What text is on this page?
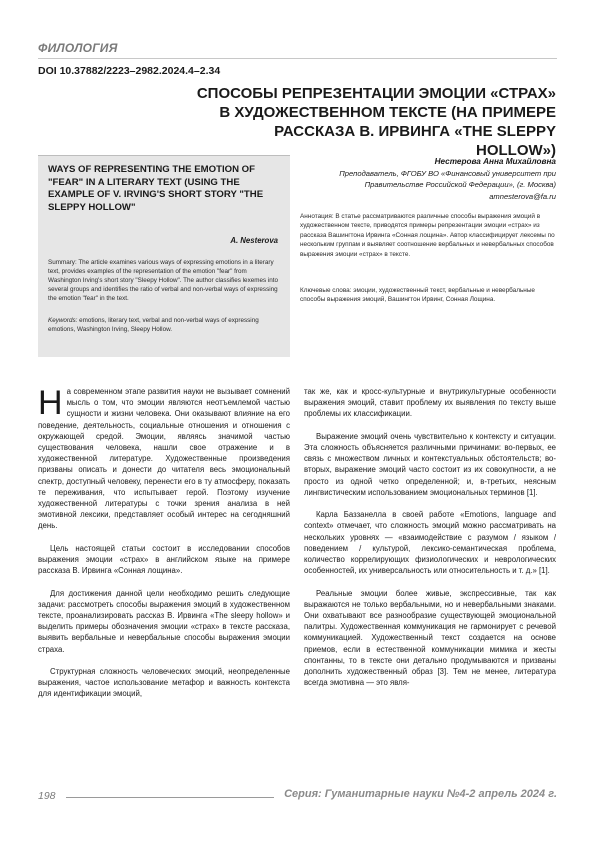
ФИЛОЛОГИЯ
DOI 10.37882/2223–2982.2024.4–2.34
СПОСОБЫ РЕПРЕЗЕНТАЦИИ ЭМОЦИИ «СТРАХ»
В ХУДОЖЕСТВЕННОМ ТЕКСТЕ (НА ПРИМЕРЕ
РАССКАЗА В. ИРВИНГА «THE SLEPPY HOLLOW»)
Нестерова Анна Михайловна
Преподаватель, ФГОБУ ВО «Финансовый университет при Правительстве Российской Федерации», (г. Москва)
amnesterova@fa.ru
WAYS OF REPRESENTING THE EMOTION OF "FEAR" IN A LITERARY TEXT (USING THE EXAMPLE OF V. IRVING'S SHORT STORY "THE SLEPPY HOLLOW"
A. Nesterova
Summary: The article examines various ways of expressing emotions in a literary text, provides examples of the representation of the emotion "fear" from Washington Irving's short story "Sleepy Hollow". The author classifies lexemes into several groups and identifies the ratio of verbal and non-verbal ways of expressing the emotion "fear" in the text.
Keywords: emotions, literary text, verbal and non-verbal ways of expressing emotions, Washington Irving, Sleepy Hollow.
Аннотация: В статье рассматриваются различные способы выражения эмоций в художественном тексте, приводятся примеры репрезентации эмоции «страх» из рассказа Вашингтона Ирвинга «Сонная лощина». Автор классифицирует лексемы по нескольким группам и выявляет соотношение вербальных и невербальных способов выражения эмоции «страх» в тексте.
Ключевые слова: эмоции, художественный текст, вербальные и невербальные способы выражения эмоций, Вашингтон Ирвинг, Сонная Лощина.

На современном этапе развития науки не вызывает сомнений мысль о том, что эмоции являются неотъемлемой частью сущности и жизни человека. Они оказывают влияние на его поведение, деятельность, социальные отношения и отношения с окружающей средой. Эмоции, являясь значимой частью существования человека, нашли свое отражение и в художественной литературе. Художественные произведения призваны описать и донести до читателя весь эмоциональный спектр, доступный человеку, перенести его в ту атмосферу, показать те переживания, что испытывает герой. Поэтому изучение художественной литературы с точки зрения анализа в ней эмотивной лексики, представляет особый интерес на сегодняшний день.

Цель настоящей статьи состоит в исследовании способов выражения эмоции «страх» в английском языке на примере рассказа В. Ирвинга «Сонная лощина».

Для достижения данной цели необходимо решить следующие задачи: рассмотреть способы выражения эмоций в художественном тексте, проанализировать рассказ В. Ирвинга «The sleepy hollow» и выделить примеры обозначения эмоции «страх» в тексте рассказа, выявить вербальные и невербальные способы выражения эмоции страха.

Структурная сложность человеческих эмоций, неопределенные выражения, частое использование метафор и важность контекста для идентификации эмоций,

так же, как и кросс-культурные и внутрикультурные особенности выражения эмоций, ставит проблему их выявления по тексту выше проблемы их классификации.

Выражение эмоций очень чувствительно к контексту и ситуации. Эта сложность объясняется различными причинами: во-первых, ее связь с множеством личных и контекстуальных обстоятельств; во-вторых, выражение эмоций часто состоит из их совокупности, а не просто из одной четко определенной; и, в-третьих, неясным лингвистическим использованием эмоциональных терминов [1].

Карла Баззанелла в своей работе «Emotions, language and context» отмечает, что сложность эмоций можно рассматривать на нескольких уровнях — «взаимодействие с разумом / языком / поведением / культурой, лексико-семантическая проблема, количество коррелирующих физиологических и неврологических особенностей, их универсальность или относительность и т. д.» [1].

Реальные эмоции более живые, экспрессивные, так как выражаются не только вербальными, но и невербальными знаками. Они охватывают все разнообразие существующей эмоциональной палитры. Художественная коммуникация не гармонирует с речевой коммуникацией. Художественный текст создается на основе приемов, если в естественной коммуникации мимика и жесты спонтанны, то в тексте они детально продумываются и призваны дополнить художественный образ [3]. Тем не менее, литература всегда эмотивна — это явля-

198	Серия: Гуманитарные науки №4-2 апрель 2024 г.
